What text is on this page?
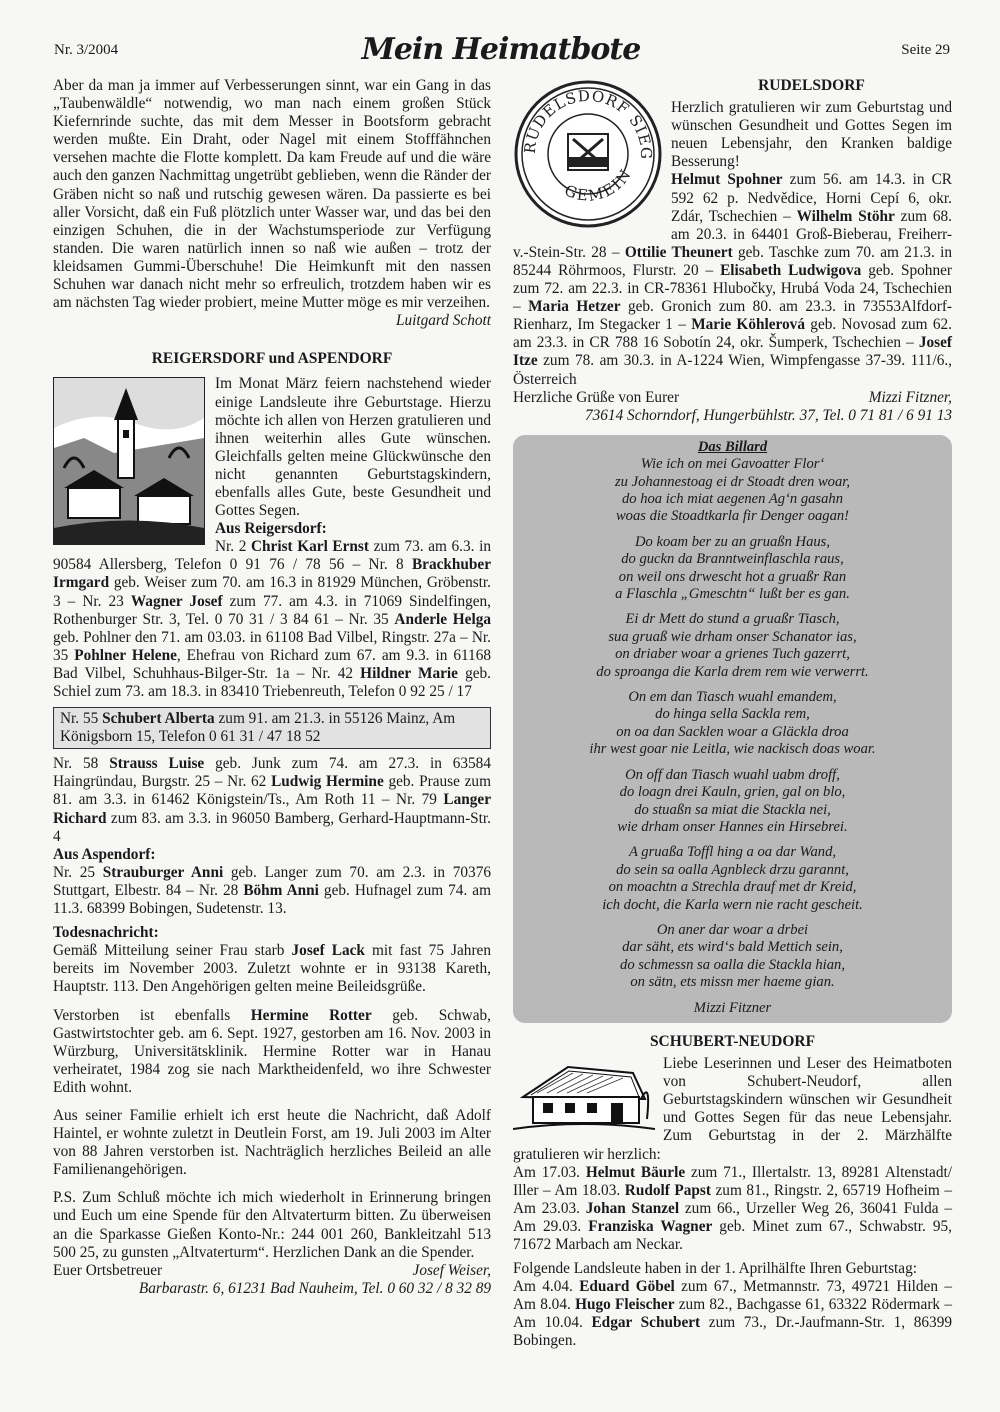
Nr. 3/2004	Mein Heimatbote	Seite 29

Aber da man ja immer auf Verbesserungen sinnt, war ein Gang in das „Taubenwäldle“ notwendig, wo man nach einem großen Stück Kiefernrinde suchte, das mit dem Messer in Bootsform gebracht werden mußte. Ein Draht, oder Nagel mit einem Stofffähnchen versehen machte die Flotte komplett. Da kam Freude auf und die wäre auch den ganzen Nachmittag ungetrübt geblieben, wenn die Ränder der Gräben nicht so naß und rutschig gewesen wären. Da passierte es bei aller Vorsicht, daß ein Fuß plötzlich unter Wasser war, und das bei den einzigen Schuhen, die in der Wachstumsperiode zur Verfügung standen. Die waren natürlich innen so naß wie außen – trotz der kleidsamen Gummi-Überschuhe! Die Heimkunft mit den nassen Schuhen war danach nicht mehr so erfreulich, trotzdem haben wir es am nächsten Tag wieder probiert, meine Mutter möge es mir verzeihen.

Luitgard Schott

REIGERSDORF und ASPENDORF

Im Monat März feiern nachstehend wieder einige Landsleute ihre Geburtstage. Hierzu möchte ich allen von Herzen gratulieren und ihnen weiterhin alles Gute wünschen. Gleichfalls gelten meine Glückwünsche den nicht genannten Geburtstagskindern, ebenfalls alles Gute, beste Gesundheit und Gottes Segen.

Aus Reigersdorf:

Nr. 2 Christ Karl Ernst zum 73. am 6.3. in 90584 Allersberg, Telefon 0 91 76 / 78 56 – Nr. 8 Brackhuber Irmgard geb. Weiser zum 70. am 16.3 in 81929 München, Gröbenstr. 3 – Nr. 23 Wagner Josef zum 77. am 4.3. in 71069 Sindelfingen, Rothenburger Str. 3, Tel. 0 70 31 / 3 84 61 – Nr. 35 Anderle Helga geb. Pohlner den 71. am 03.03. in 61108 Bad Vilbel, Ringstr. 27a – Nr. 35 Pohlner Helene, Ehefrau von Richard zum 67. am 9.3. in 61168 Bad Vilbel, Schuhhaus-Bilger-Str. 1a – Nr. 42 Hildner Marie geb. Schiel zum 73. am 18.3. in 83410 Triebenreuth, Telefon 0 92 25 / 17

Nr. 55 Schubert Alberta zum 91. am 21.3. in 55126 Mainz, Am Königsborn 15, Telefon 0 61 31 / 47 18 52

Nr. 58 Strauss Luise geb. Junk zum 74. am 27.3. in 63584 Haingründau, Burgstr. 25 – Nr. 62 Ludwig Hermine geb. Prause zum 81. am 3.3. in 61462 Königstein/Ts., Am Roth 11 – Nr. 79 Langer Richard zum 83. am 3.3. in 96050 Bamberg, Gerhard-Hauptmann-Str. 4

Aus Aspendorf:

Nr. 25 Strauburger Anni geb. Langer zum 70. am 2.3. in 70376 Stuttgart, Elbestr. 84 – Nr. 28 Böhm Anni geb. Hufnagel zum 74. am 11.3. 68399 Bobingen, Sudetenstr. 13.

Todesnachricht:

Gemäß Mitteilung seiner Frau starb Josef Lack mit fast 75 Jahren bereits im November 2003. Zuletzt wohnte er in 93138 Kareth, Hauptstr. 113. Den Angehörigen gelten meine Beileidsgrüße.

Verstorben ist ebenfalls Hermine Rotter geb. Schwab, Gastwirtstochter geb. am 6. Sept. 1927, gestorben am 16. Nov. 2003 in Würzburg, Universitätsklinik. Hermine Rotter war in Hanau verheiratet, 1984 zog sie nach Marktheidenfeld, wo ihre Schwester Edith wohnt.

Aus seiner Familie erhielt ich erst heute die Nachricht, daß Adolf Haintel, er wohnte zuletzt in Deutlein Forst, am 19. Juli 2003 im Alter von 88 Jahren verstorben ist. Nachträglich herzliches Beileid an alle Familienangehörigen.

P.S. Zum Schluß möchte ich mich wiederholt in Erinnerung bringen und Euch um eine Spende für den Altvaterturm bitten. Zu überweisen an die Sparkasse Gießen Konto-Nr.: 244 001 260, Bankleitzahl 513 500 25, zu gunsten „Altvaterturm“. Herzlichen Dank an die Spender.

Euer Ortsbetreuer	Josef Weiser,

Barbarastr. 6, 61231 Bad Nauheim, Tel. 0 60 32 / 8 32 89

RUDELSDORF SIEG
GEMEIN

RUDELSDORF

Herzlich gratulieren wir zum Geburtstag und wünschen Gesundheit und Gottes Segen im neuen Lebensjahr, den Kranken baldige Besserung!

Helmut Spohner zum 56. am 14.3. in CR 592 62 p. Nedvědice, Horni Cepí 6, okr. Zdár, Tschechien – Wilhelm Stöhr zum 68. am 20.3. in 64401 Groß-Bieberau, Freiherr-v.-Stein-Str. 28 – Ottilie Theunert geb. Taschke zum 70. am 21.3. in 85244 Röhrmoos, Flurstr. 20 – Elisabeth Ludwigova geb. Spohner zum 72. am 22.3. in CR-78361 Hlubočky, Hrubá Voda 24, Tschechien – Maria Hetzer geb. Gronich zum 80. am 23.3. in 73553Alfdorf-Rienharz, Im Stegacker 1 – Marie Köhlerová geb. Novosad zum 62. am 23.3. in CR 788 16 Sobotín 24, okr. Šumperk, Tschechien – Josef Itze zum 78. am 30.3. in A-1224 Wien, Wimpfengasse 37-39. 111/6., Österreich

Herzliche Grüße von Eurer	Mizzi Fitzner,

73614 Schorndorf, Hungerbühlstr. 37, Tel. 0 71 81 / 6 91 13

Das Billard
Wie ich on mei Gavoatter Flor‘
zu Johannestoag ei dr Stoadt dren woar,
do hoa ich miat aegenen Ag‘n gasahn
woas die Stoadtkarla fir Denger oagan!
Do koam ber zu an gruaßn Haus,
do guckn da Branntweinflaschla raus,
on weil ons drwescht hot a gruaßr Ran
a Flaschla „Gmeschtn“ lußt ber es gan.
Ei dr Mett do stund a gruaßr Tiasch,
sua gruaß wie drham onser Schanator ias,
on driaber woar a grienes Tuch gazerrt,
do sproanga die Karla drem rem wie verwerrt.
On em dan Tiasch wuahl emandem,
do hinga sella Sackla rem,
on oa dan Sacklen woar a Gläckla droa
ihr west goar nie Leitla, wie nackisch doas woar.
On off dan Tiasch wuahl uabm droff,
do loagn drei Kauln, grien, gal on blo,
do stuaßn sa miat die Stackla nei,
wie drham onser Hannes ein Hirsebrei.
A gruaßa Toffl hing a oa dar Wand,
do sein sa oalla Agnbleck drzu garannt,
on moachtn a Strechla drauf met dr Kreid,
ich docht, die Karla wern nie racht gescheit.
On aner dar woar a drbei
dar säht, ets wird‘s bald Mettich sein,
do schmessn sa oalla die Stackla hian,
on sätn, ets missn mer haeme gian.
Mizzi Fitzner

SCHUBERT-NEUDORF

Liebe Leserinnen und Leser des Heimatboten von Schubert-Neudorf, allen Geburtstagskindern wünschen wir Gesundheit und Gottes Segen für das neue Lebensjahr. Zum Geburtstag in der 2. Märzhälfte gratulieren wir herzlich:

Am 17.03. Helmut Bäurle zum 71., Illertalstr. 13, 89281 Altenstadt/ Iller – Am 18.03. Rudolf Papst zum 81., Ringstr. 2, 65719 Hofheim – Am 23.03. Johan Stanzel zum 66., Urzeller Weg 26, 36041 Fulda – Am 29.03. Franziska Wagner geb. Minet zum 67., Schwabstr. 95, 71672 Marbach am Neckar.

Folgende Landsleute haben in der 1. Aprilhälfte Ihren Geburtstag:

Am 4.04. Eduard Göbel zum 67., Metmannstr. 73, 49721 Hilden – Am 8.04. Hugo Fleischer zum 82., Bachgasse 61, 63322 Rödermark – Am 10.04. Edgar Schubert zum 73., Dr.-Jaufmann-Str. 1, 86399 Bobingen.
